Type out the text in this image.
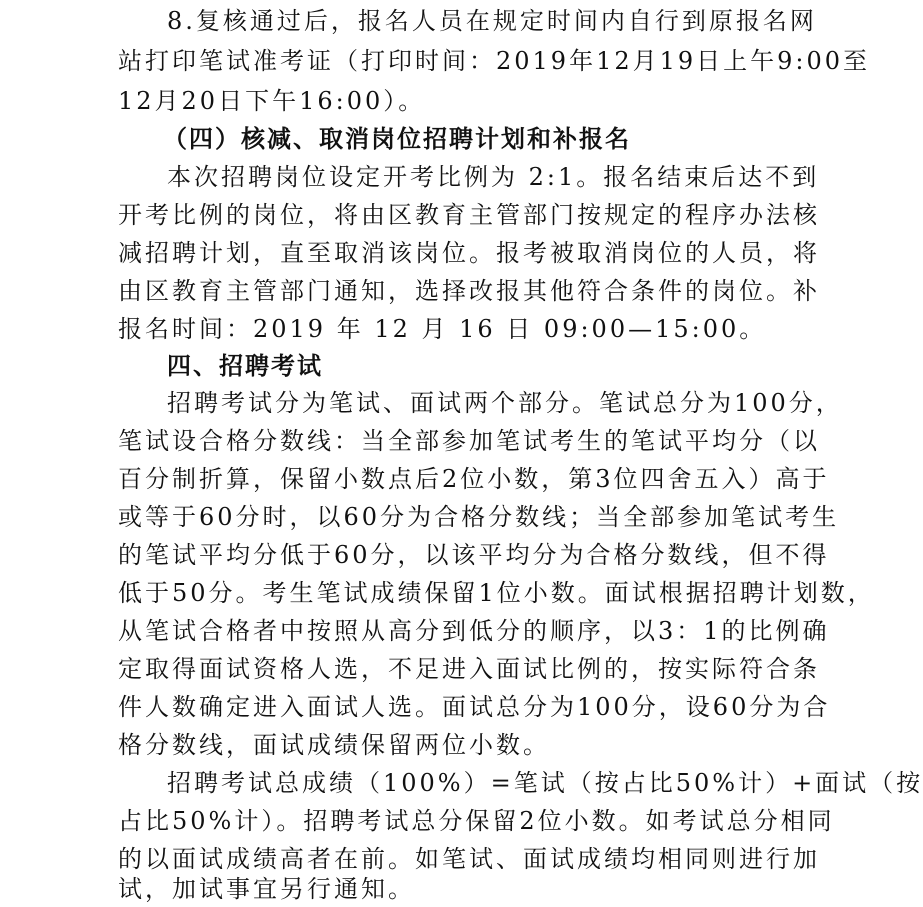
8.复核通过后，报名人员在规定时间内自行到原报名网
站打印笔试准考证（打印时间：2019年12月19日上午9:00至
12月20日下午16:00）。
（四）核减、取消岗位招聘计划和补报名
本次招聘岗位设定开考比例为 2:1。报名结束后达不到
开考比例的岗位，将由区教育主管部门按规定的程序办法核
减招聘计划，直至取消该岗位。报考被取消岗位的人员，将
由区教育主管部门通知，选择改报其他符合条件的岗位。补
报名时间：2019 年 12 月 16 日 09:00—15:00。
四、招聘考试
招聘考试分为笔试、面试两个部分。笔试总分为100分，
笔试设合格分数线：当全部参加笔试考生的笔试平均分（以
百分制折算，保留小数点后2位小数，第3位四舍五入）高于
或等于60分时，以60分为合格分数线；当全部参加笔试考生
的笔试平均分低于60分，以该平均分为合格分数线，但不得
低于50分。考生笔试成绩保留1位小数。面试根据招聘计划数，
从笔试合格者中按照从高分到低分的顺序，以3：1的比例确
定取得面试资格人选，不足进入面试比例的，按实际符合条
件人数确定进入面试人选。面试总分为100分，设60分为合
格分数线，面试成绩保留两位小数。
招聘考试总成绩（100%）=笔试（按占比50%计）+面试（按
占比50%计）。招聘考试总分保留2位小数。如考试总分相同
的以面试成绩高者在前。如笔试、面试成绩均相同则进行加
试，加试事宜另行通知。
